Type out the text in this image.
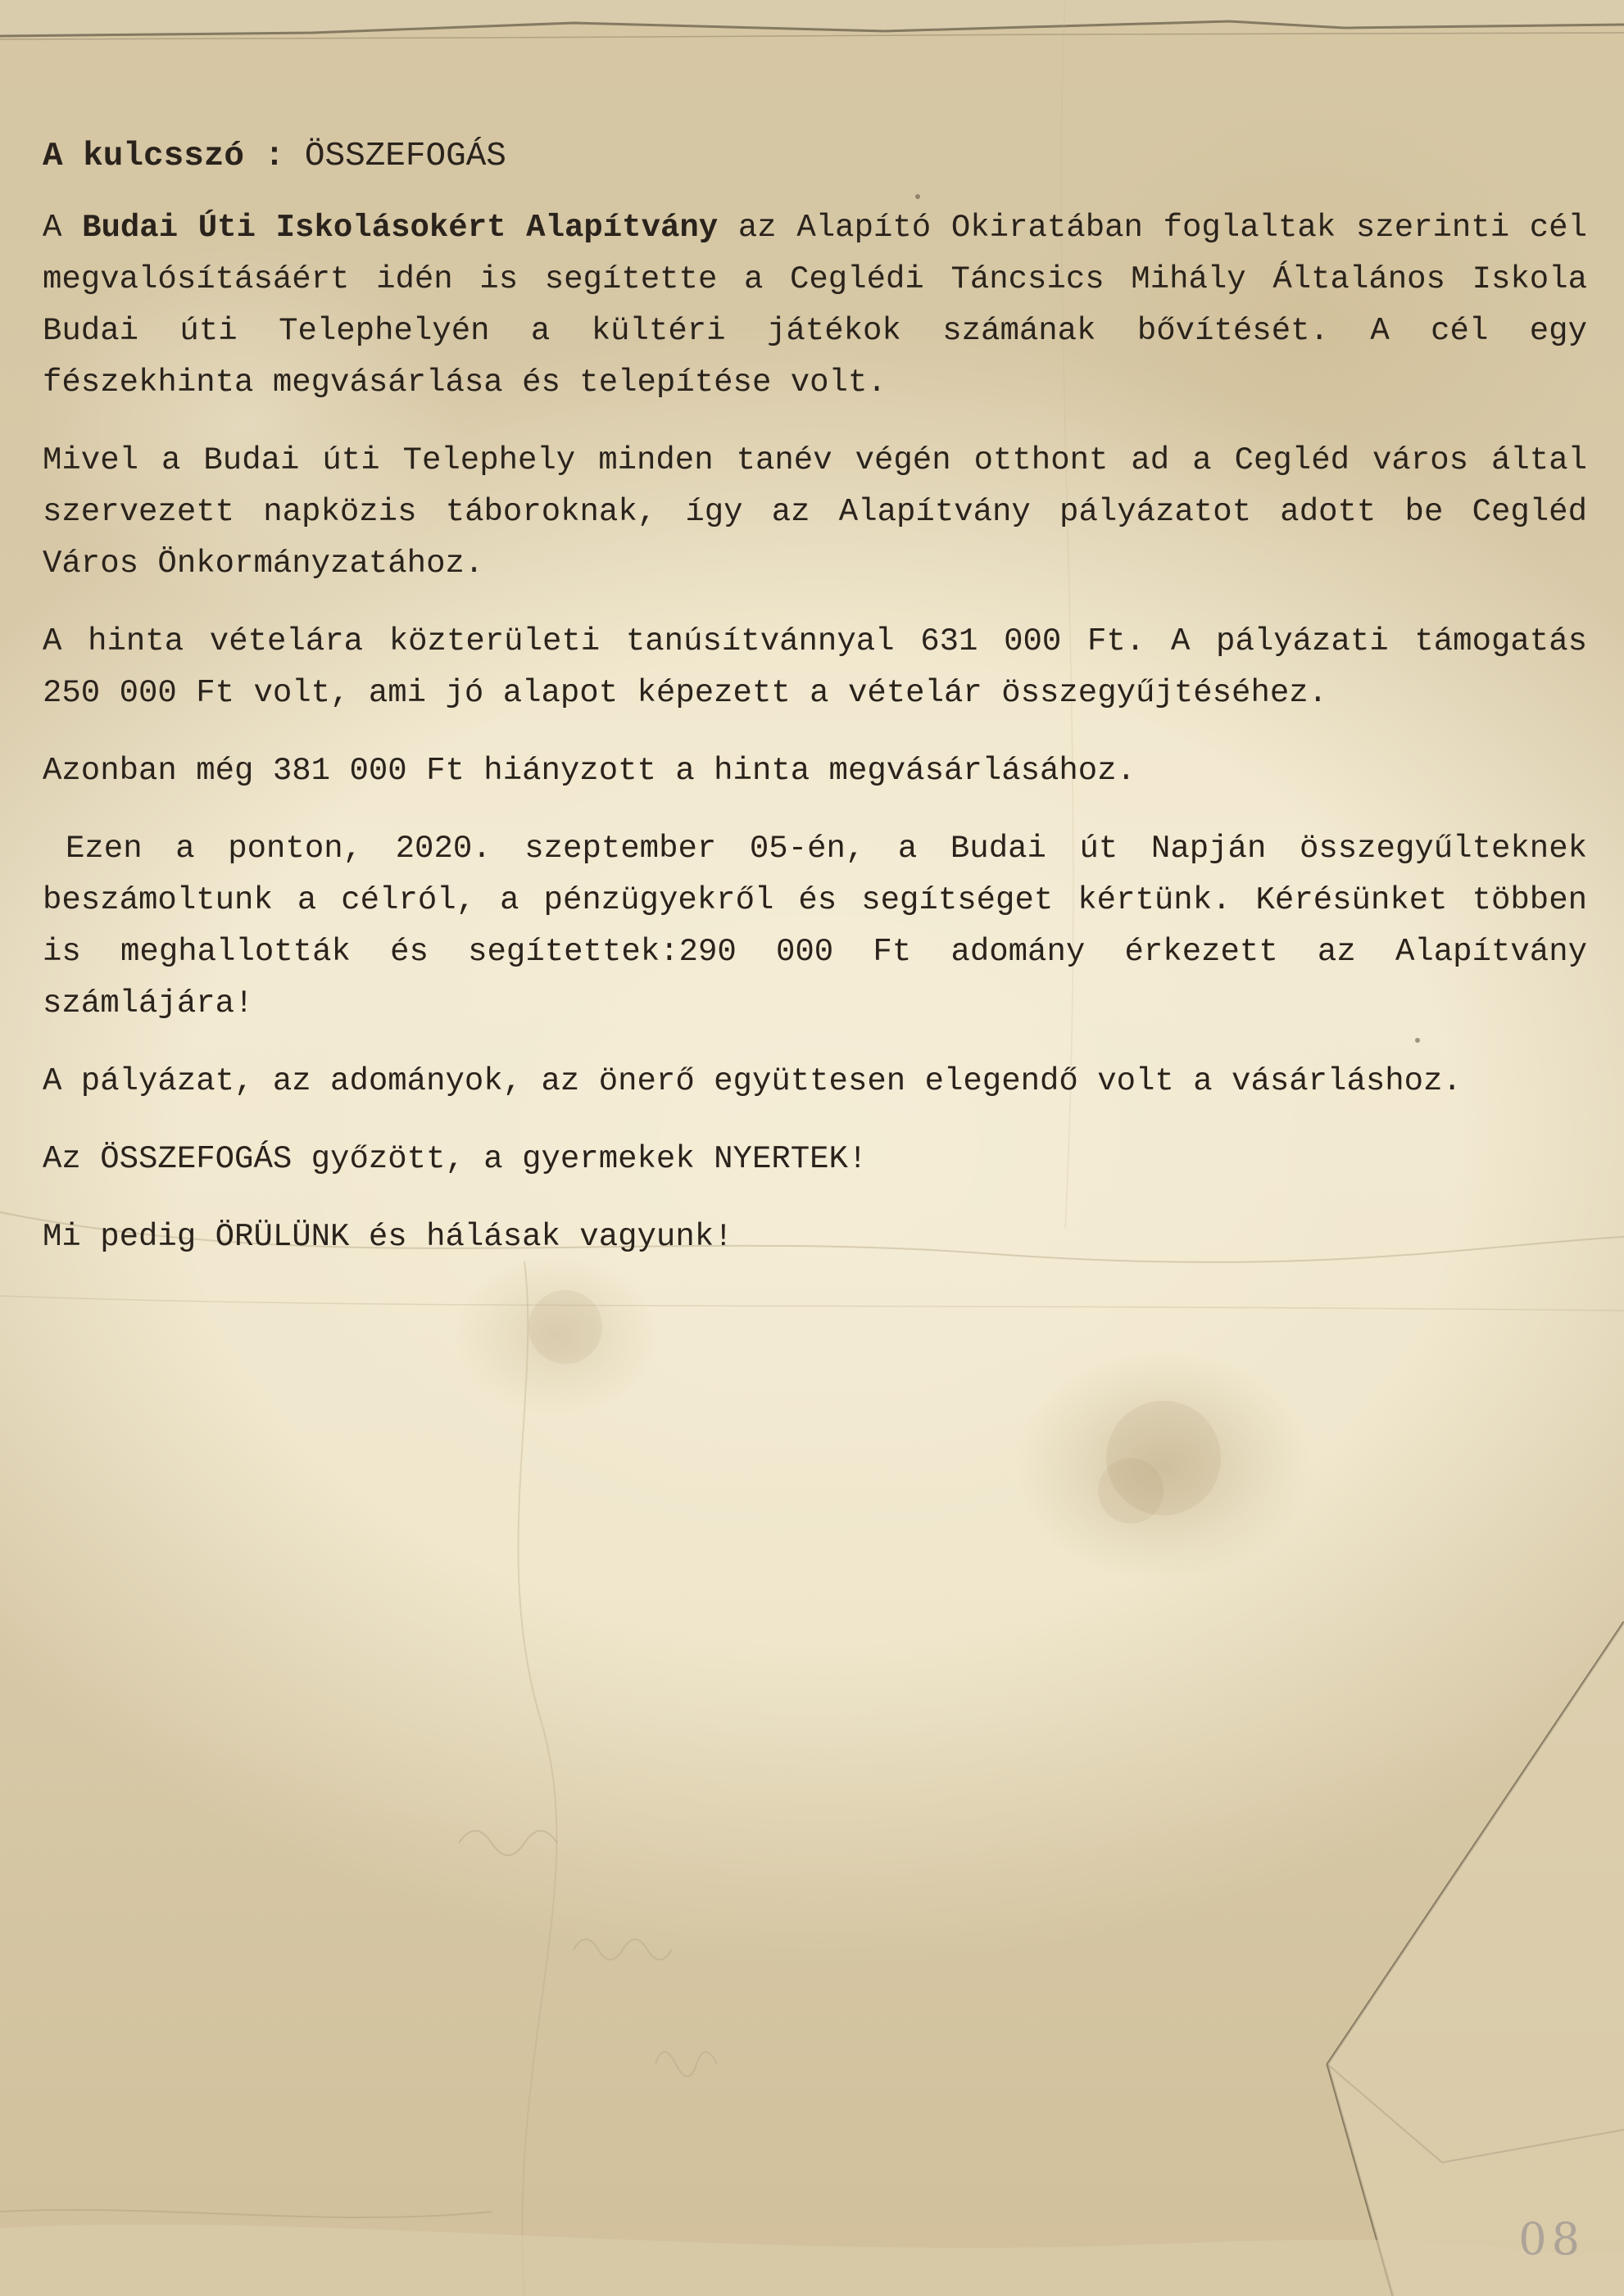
A kulcsszó : ÖSSZEFOGÁS

A Budai Úti Iskolásokért Alapítvány az Alapító Okiratában foglaltak szerinti cél megvalósításáért idén is segítette a Ceglédi Táncsics Mihály Általános Iskola Budai úti Telephelyén a kültéri játékok számának bővítését. A cél egy fészekhinta megvásárlása és telepítése volt.

Mivel a Budai úti Telephely minden tanév végén otthont ad a Cegléd város által szervezett napközis táboroknak, így az Alapítvány pályázatot adott be Cegléd Város Önkormányzatához.

A hinta vételára közterületi tanúsítvánnyal 631 000 Ft. A pályázati támogatás 250 000 Ft volt, ami jó alapot képezett a vételár összegyűjtéséhez.

Azonban még 381 000 Ft hiányzott a hinta megvásárlásához.

Ezen a ponton, 2020. szeptember 05-én, a Budai út Napján összegyűlteknek beszámoltunk a célról, a pénzügyekről és segítséget kértünk. Kérésünket többen is meghallották és segítettek:290 000 Ft adomány érkezett az Alapítvány számlájára!

A pályázat, az adományok, az önerő együttesen elegendő volt a vásárláshoz.

Az ÖSSZEFOGÁS győzött, a gyermekek NYERTEK!

Mi pedig ÖRÜLÜNK és hálásak vagyunk!

08
